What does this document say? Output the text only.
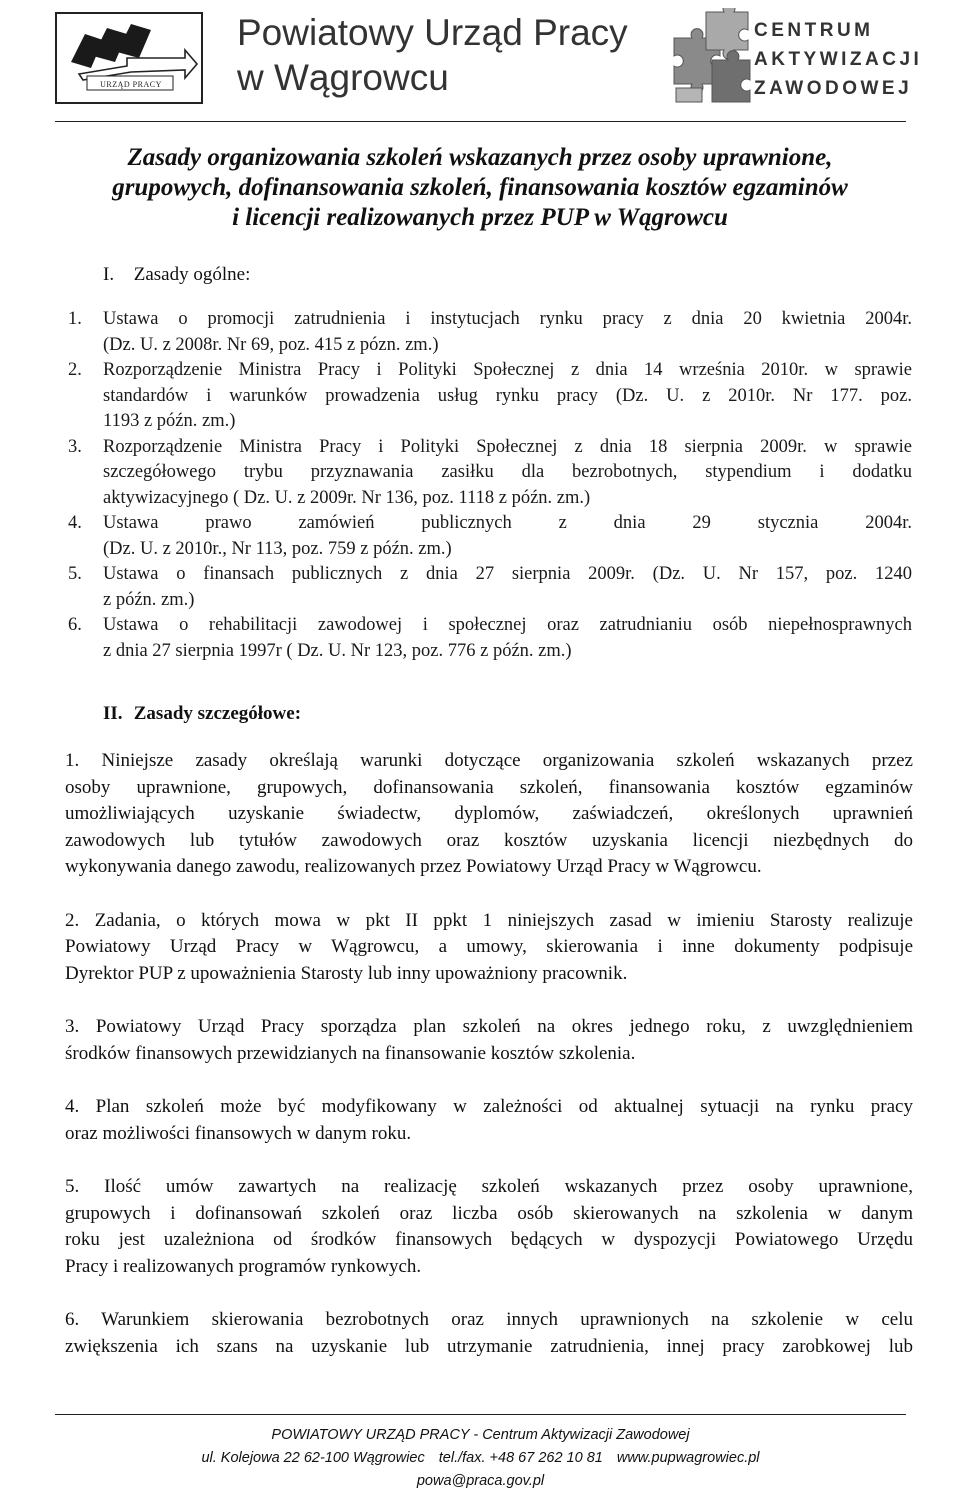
URZĄD PRACY
Powiatowy Urząd Pracy
w Wągrowcu
CENTRUM
AKTYWIZACJI
ZAWODOWEJ
Zasady organizowania szkoleń wskazanych przez osoby uprawnione,
grupowych, dofinansowania szkoleń, finansowania kosztów egzaminów
i licencji realizowanych przez PUP w Wągrowcu
I. Zasady ogólne:
1. Ustawa o promocji zatrudnienia i instytucjach rynku pracy z dnia 20 kwietnia 2004r.
(Dz. U. z 2008r. Nr 69, poz. 415 z pózn. zm.)
2. Rozporządzenie Ministra Pracy i Polityki Społecznej z dnia 14 września 2010r. w sprawie
standardów i warunków prowadzenia usług rynku pracy (Dz. U. z 2010r. Nr 177. poz.
1193 z późn. zm.)
3. Rozporządzenie Ministra Pracy i Polityki Społecznej z dnia 18 sierpnia 2009r. w sprawie
szczegółowego trybu przyznawania zasiłku dla bezrobotnych, stypendium i dodatku
aktywizacyjnego ( Dz. U. z 2009r. Nr 136, poz. 1118 z późn. zm.)
4. Ustawa prawo zamówień publicznych z dnia 29 stycznia 2004r.
(Dz. U. z 2010r., Nr 113, poz. 759 z późn. zm.)
5. Ustawa o finansach publicznych z dnia 27 sierpnia 2009r. (Dz. U. Nr 157, poz. 1240
z późn. zm.)
6. Ustawa o rehabilitacji zawodowej i społecznej oraz zatrudnianiu osób niepełnosprawnych
z dnia 27 sierpnia 1997r ( Dz. U. Nr 123, poz. 776 z późn. zm.)
II. Zasady szczegółowe:
1. Niniejsze zasady określają warunki dotyczące organizowania szkoleń wskazanych przez
osoby uprawnione, grupowych, dofinansowania szkoleń, finansowania kosztów egzaminów
umożliwiających uzyskanie świadectw, dyplomów, zaświadczeń, określonych uprawnień
zawodowych lub tytułów zawodowych oraz kosztów uzyskania licencji niezbędnych do
wykonywania danego zawodu, realizowanych przez Powiatowy Urząd Pracy w Wągrowcu.
2. Zadania, o których mowa w pkt II ppkt 1 niniejszych zasad w imieniu Starosty realizuje
Powiatowy Urząd Pracy w Wągrowcu, a umowy, skierowania i inne dokumenty podpisuje
Dyrektor PUP z upoważnienia Starosty lub inny upoważniony pracownik.
3. Powiatowy Urząd Pracy sporządza plan szkoleń na okres jednego roku, z uwzględnieniem
środków finansowych przewidzianych na finansowanie kosztów szkolenia.
4. Plan szkoleń może być modyfikowany w zależności od aktualnej sytuacji na rynku pracy
oraz możliwości finansowych w danym roku.
5. Ilość umów zawartych na realizację szkoleń wskazanych przez osoby uprawnione,
grupowych i dofinansowań szkoleń oraz liczba osób skierowanych na szkolenia w danym
roku jest uzależniona od środków finansowych będących w dyspozycji Powiatowego Urzędu
Pracy i realizowanych programów rynkowych.
6. Warunkiem skierowania bezrobotnych oraz innych uprawnionych na szkolenie w celu
zwiększenia ich szans na uzyskanie lub utrzymanie zatrudnienia, innej pracy zarobkowej lub
POWIATOWY URZĄD PRACY - Centrum Aktywizacji Zawodowej
ul. Kolejowa 22 62-100 Wągrowiec tel./fax. +48 67 262 10 81 www.pupwagrowiec.pl
powa@praca.gov.pl
